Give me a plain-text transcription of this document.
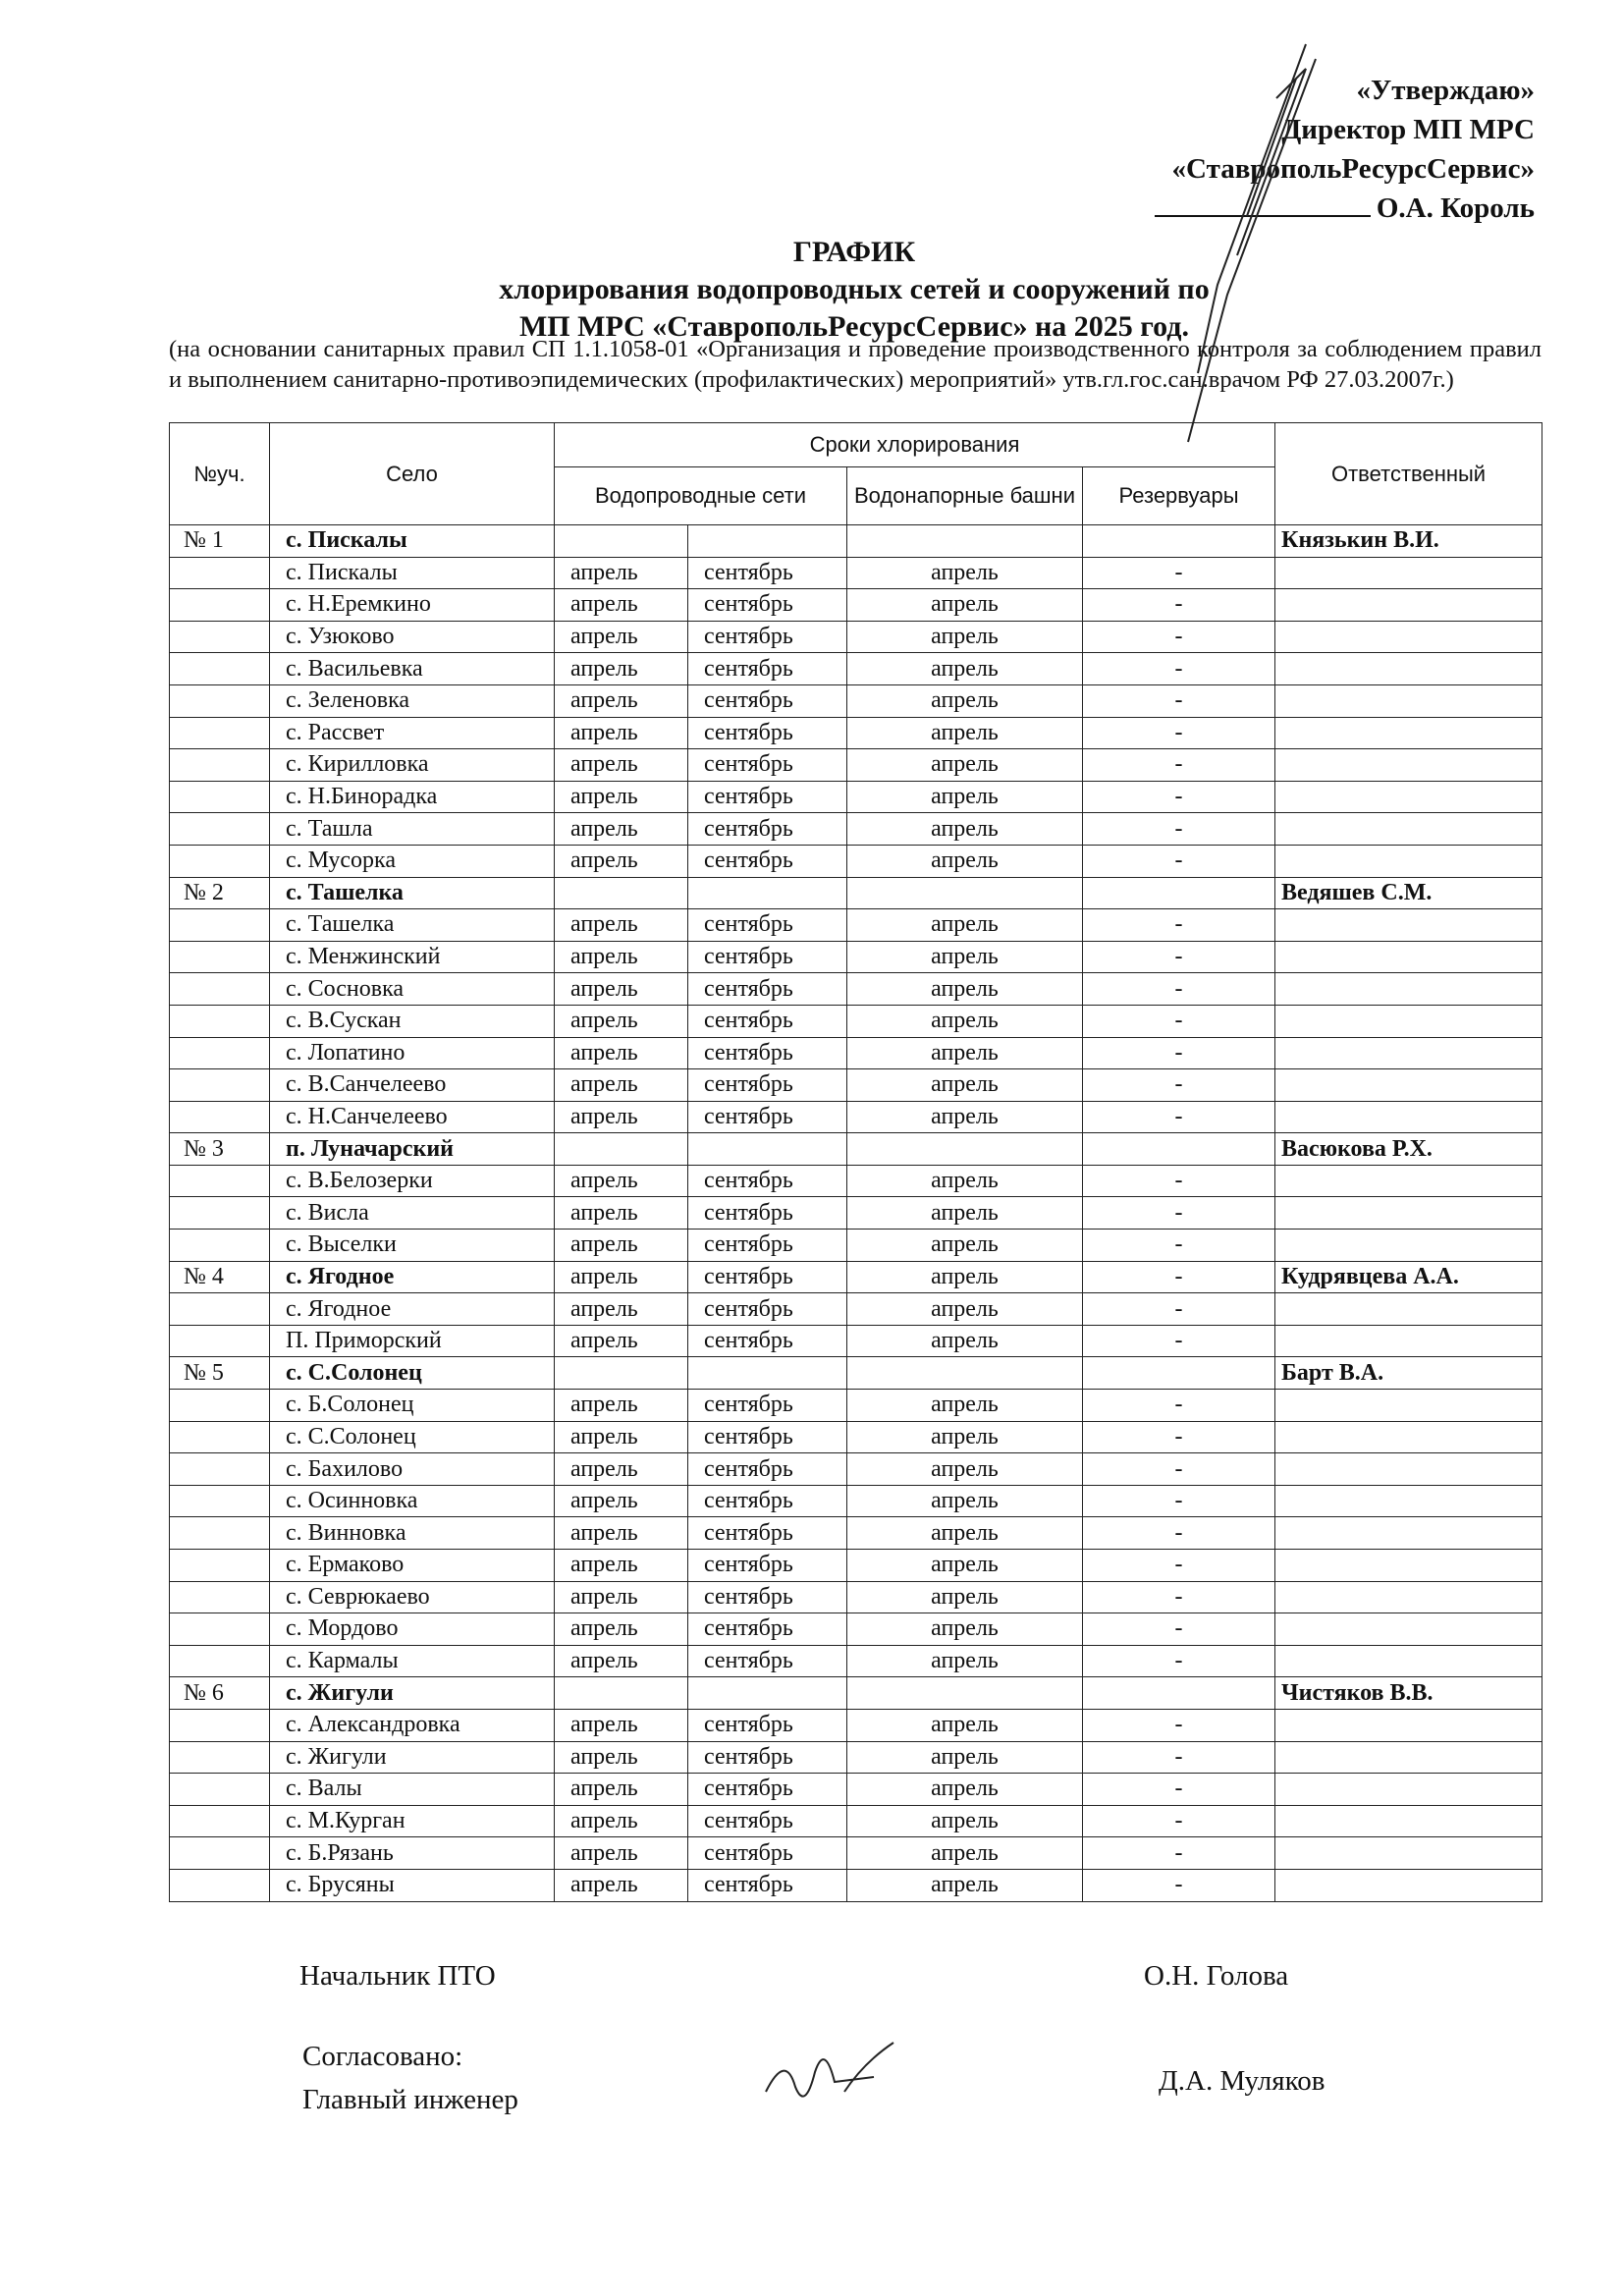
«Утверждаю»
Директор МП МРС
«СтавропольРесурсСервис»
О.А. Король
ГРАФИК
хлорирования водопроводных сетей и сооружений по
МП МРС «СтавропольРесурсСервис» на 2025 год.
(на основании санитарных правил СП 1.1.1058-01 «Организация и проведение производственного контроля за соблюдением правил и выполнением санитарно-противоэпидемических (профилактических) мероприятий» утв.гл.гос.сан.врачом РФ 27.03.2007г.)
№уч.	Село	Сроки хлорирования				Ответственный
		Водопроводные сети		Водонапорные башни	Резервуары	
№ 1	с. Пискалы					Князькин В.И.
	с. Пискалы	апрель	сентябрь	апрель	-	
	с. Н.Еремкино	апрель	сентябрь	апрель	-	
	с. Узюково	апрель	сентябрь	апрель	-	
	с. Васильевка	апрель	сентябрь	апрель	-	
	с. Зеленовка	апрель	сентябрь	апрель	-	
	с. Рассвет	апрель	сентябрь	апрель	-	
	с. Кирилловка	апрель	сентябрь	апрель	-	
	с. Н.Бинорадка	апрель	сентябрь	апрель	-	
	с. Ташла	апрель	сентябрь	апрель	-	
	с. Мусорка	апрель	сентябрь	апрель	-	
№ 2	с. Ташелка					Ведяшев С.М.
	с. Ташелка	апрель	сентябрь	апрель	-	
	с. Менжинский	апрель	сентябрь	апрель	-	
	с. Сосновка	апрель	сентябрь	апрель	-	
	с. В.Сускан	апрель	сентябрь	апрель	-	
	с. Лопатино	апрель	сентябрь	апрель	-	
	с. В.Санчелеево	апрель	сентябрь	апрель	-	
	с. Н.Санчелеево	апрель	сентябрь	апрель	-	
№ 3	п. Луначарский					Васюкова Р.Х.
	с. В.Белозерки	апрель	сентябрь	апрель	-	
	с. Висла	апрель	сентябрь	апрель	-	
	с. Выселки	апрель	сентябрь	апрель	-	
№ 4	с. Ягодное	апрель	сентябрь	апрель	-	Кудрявцева А.А.
	с. Ягодное	апрель	сентябрь	апрель	-	
	П. Приморский	апрель	сентябрь	апрель	-	
№ 5	с. С.Солонец					Барт В.А.
	с. Б.Солонец	апрель	сентябрь	апрель	-	
	с. С.Солонец	апрель	сентябрь	апрель	-	
	с. Бахилово	апрель	сентябрь	апрель	-	
	с. Осинновка	апрель	сентябрь	апрель	-	
	с. Винновка	апрель	сентябрь	апрель	-	
	с. Ермаково	апрель	сентябрь	апрель	-	
	с. Севрюкаево	апрель	сентябрь	апрель	-	
	с. Мордово	апрель	сентябрь	апрель	-	
	с. Кармалы	апрель	сентябрь	апрель	-	
№ 6	с. Жигули					Чистяков В.В.
	с. Александровка	апрель	сентябрь	апрель	-	
	с. Жигули	апрель	сентябрь	апрель	-	
	с. Валы	апрель	сентябрь	апрель	-	
	с. М.Курган	апрель	сентябрь	апрель	-	
	с. Б.Рязань	апрель	сентябрь	апрель	-	
	с. Брусяны	апрель	сентябрь	апрель	-	
Начальник ПТО	О.Н. Голова
Согласовано:
Главный инженер
Д.А. Муляков
